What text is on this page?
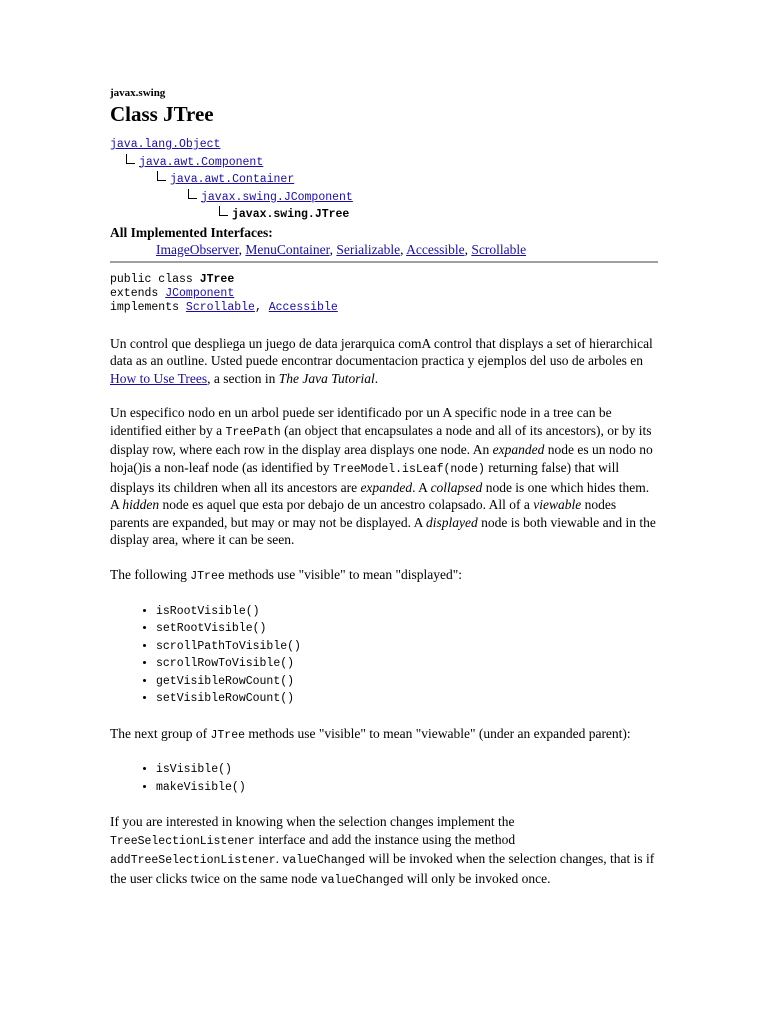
javax.swing
Class JTree
java.lang.Object
java.awt.Component
java.awt.Container
javax.swing.JComponent
javax.swing.JTree
All Implemented Interfaces:
ImageObserver, MenuContainer, Serializable, Accessible, Scrollable
public class JTree
extends JComponent
implements Scrollable, Accessible

Un control que despliega un juego de data jerarquica comA control that displays a set of hierarchical data as an outline. Usted puede encontrar documentacion practica y ejemplos del uso de arboles en How to Use Trees, a section in The Java Tutorial.

Un especifico nodo en un arbol puede ser identificado por un A specific node in a tree can be identified either by a TreePath (an object that encapsulates a node and all of its ancestors), or by its display row, where each row in the display area displays one node. An expanded node es un nodo no hoja()is a non-leaf node (as identified by TreeModel.isLeaf(node) returning false) that will displays its children when all its ancestors are expanded. A collapsed node is one which hides them. A hidden node es aquel que esta por debajo de un ancestro colapsado. All of a viewable nodes parents are expanded, but may or may not be displayed. A displayed node is both viewable and in the display area, where it can be seen.

The following JTree methods use "visible" to mean "displayed":

• isRootVisible()
• setRootVisible()
• scrollPathToVisible()
• scrollRowToVisible()
• getVisibleRowCount()
• setVisibleRowCount()

The next group of JTree methods use "visible" to mean "viewable" (under an expanded parent):

• isVisible()
• makeVisible()

If you are interested in knowing when the selection changes implement the TreeSelectionListener interface and add the instance using the method addTreeSelectionListener. valueChanged will be invoked when the selection changes, that is if the user clicks twice on the same node valueChanged will only be invoked once.
